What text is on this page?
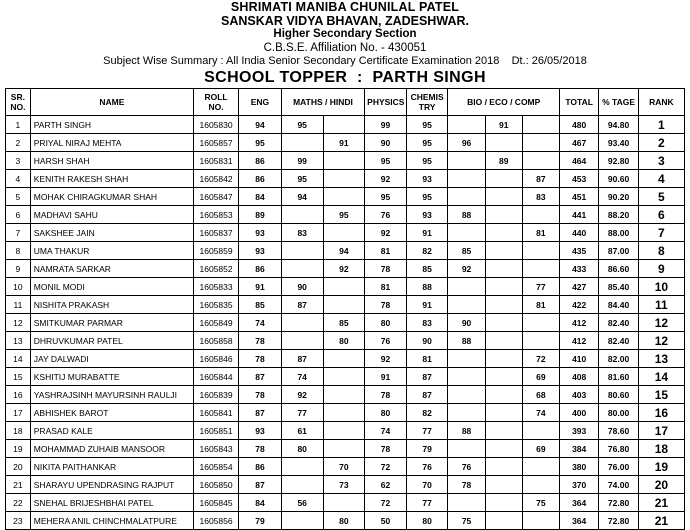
SHRIMATI MANIBA CHUNILAL PATEL
SANSKAR VIDYA BHAVAN, ZADESHWAR.
Higher Secondary Section
C.B.S.E. Affiliation No. - 430051
Subject Wise Summary : All India Senior Secondary Certificate Examination 2018    Dt.: 26/05/2018
SCHOOL TOPPER  :  PARTH SINGH
SR. NO.	NAME	ROLL NO.	ENG	MATHS / HINDI		PHYSICS	CHEMIS TRY	BIO / ECO / COMP			TOTAL	% TAGE	RANK
1	PARTH SINGH	1605830	94	95		99	95		91		480	94.80	1
2	PRIYAL NIRAJ MEHTA	1605857	95		91	90	95	96			467	93.40	2
3	HARSH SHAH	1605831	86	99		95	95		89		464	92.80	3
4	KENITH RAKESH SHAH	1605842	86	95		92	93			87	453	90.60	4
5	MOHAK CHIRAGKUMAR SHAH	1605847	84	94		95	95			83	451	90.20	5
6	MADHAVI SAHU	1605853	89		95	76	93	88			441	88.20	6
7	SAKSHEE JAIN	1605837	93	83		92	91			81	440	88.00	7
8	UMA THAKUR	1605859	93		94	81	82	85			435	87.00	8
9	NAMRATA SARKAR	1605852	86		92	78	85	92			433	86.60	9
10	MONIL MODI	1605833	91	90		81	88			77	427	85.40	10
11	NISHITA PRAKASH	1605835	85	87		78	91			81	422	84.40	11
12	SMITKUMAR PARMAR	1605849	74		85	80	83	90			412	82.40	12
13	DHRUVKUMAR PATEL	1605858	78		80	76	90	88			412	82.40	12
14	JAY DALWADI	1605846	78	87		92	81			72	410	82.00	13
15	KSHITIJ MURABATTE	1605844	87	74		91	87			69	408	81.60	14
16	YASHRAJSINH MAYURSINH RAULJI	1605839	78	92		78	87			68	403	80.60	15
17	ABHISHEK BAROT	1605841	87	77		80	82			74	400	80.00	16
18	PRASAD KALE	1605851	93	61		74	77	88			393	78.60	17
19	MOHAMMAD ZUHAIB MANSOOR	1605843	78	80		78	79			69	384	76.80	18
20	NIKITA PAITHANKAR	1605854	86		70	72	76	76			380	76.00	19
21	SHARAYU UPENDRASING RAJPUT	1605850	87		73	62	70	78			370	74.00	20
22	SNEHAL BRIJESHBHAI PATEL	1605845	84	56		72	77			75	364	72.80	21
23	MEHERA ANIL CHINCHMALATPURE	1605856	79		80	50	80	75			364	72.80	21
